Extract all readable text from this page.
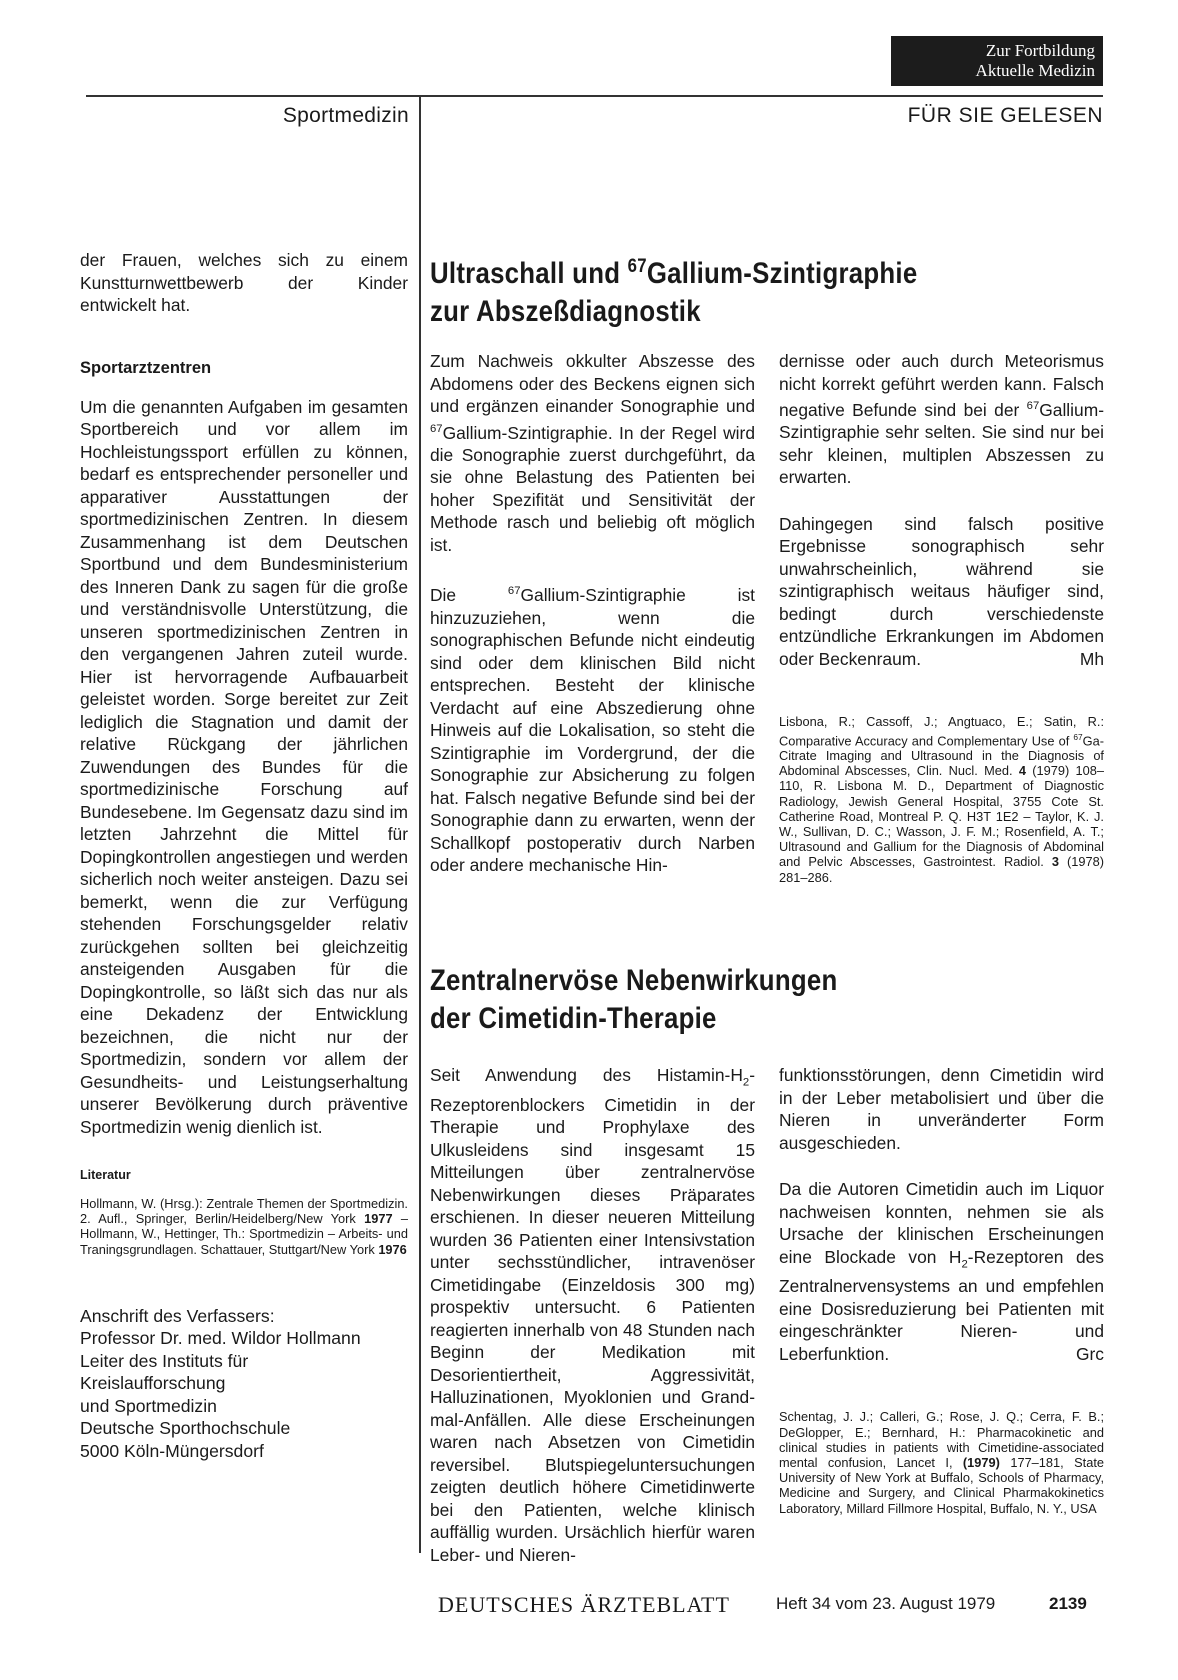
Zur Fortbildung
Aktuelle Medizin
Sportmedizin	FÜR SIE GELESEN

der Frauen, welches sich zu einem Kunstturnwettbewerb der Kinder entwickelt hat.

Sportarztzentren

Um die genannten Aufgaben im gesamten Sportbereich und vor allem im Hochleistungssport erfüllen zu können, bedarf es entsprechender personeller und apparativer Ausstattungen der sportmedizinischen Zentren. In diesem Zusammenhang ist dem Deutschen Sportbund und dem Bundesministerium des Inneren Dank zu sagen für die große und verständnisvolle Unterstützung, die unseren sportmedizinischen Zentren in den vergangenen Jahren zuteil wurde. Hier ist hervorragende Aufbauarbeit geleistet worden. Sorge bereitet zur Zeit lediglich die Stagnation und damit der relative Rückgang der jährlichen Zuwendungen des Bundes für die sportmedizinische Forschung auf Bundesebene. Im Gegensatz dazu sind im letzten Jahrzehnt die Mittel für Dopingkontrollen angestiegen und werden sicherlich noch weiter ansteigen. Dazu sei bemerkt, wenn die zur Verfügung stehenden Forschungsgelder relativ zurückgehen sollten bei gleichzeitig ansteigenden Ausgaben für die Dopingkontrolle, so läßt sich das nur als eine Dekadenz der Entwicklung bezeichnen, die nicht nur der Sportmedizin, sondern vor allem der Gesundheits- und Leistungserhaltung unserer Bevölkerung durch präventive Sportmedizin wenig dienlich ist.

Literatur

Hollmann, W. (Hrsg.): Zentrale Themen der Sportmedizin. 2. Aufl., Springer, Berlin/Heidelberg/New York 1977 – Hollmann, W., Hettinger, Th.: Sportmedizin – Arbeits- und Traningsgrundlagen. Schattauer, Stuttgart/New York 1976

Anschrift des Verfassers:
Professor Dr. med. Wildor Hollmann
Leiter des Instituts für
Kreislaufforschung
und Sportmedizin
Deutsche Sporthochschule
5000 Köln-Müngersdorf
Ultraschall und $^{67}$Gallium-Szintigraphie
zur Abszeßdiagnostik

Zum Nachweis okkulter Abszesse des Abdomens oder des Beckens eignen sich und ergänzen einander Sonographie und $^{67}$Gallium-Szintigraphie. In der Regel wird die Sonographie zuerst durchgeführt, da sie ohne Belastung des Patienten bei hoher Spezifität und Sensitivität der Methode rasch und beliebig oft möglich ist.

Die $^{67}$Gallium-Szintigraphie ist hinzuzuziehen, wenn die sonographischen Befunde nicht eindeutig sind oder dem klinischen Bild nicht entsprechen. Besteht der klinische Verdacht auf eine Abszedierung ohne Hinweis auf die Lokalisation, so steht die Szintigraphie im Vordergrund, der die Sonographie zur Absicherung zu folgen hat. Falsch negative Befunde sind bei der Sonographie dann zu erwarten, wenn der Schallkopf postoperativ durch Narben oder andere mechanische Hin-

dernisse oder auch durch Meteorismus nicht korrekt geführt werden kann. Falsch negative Befunde sind bei der $^{67}$Gallium-Szintigraphie sehr selten. Sie sind nur bei sehr kleinen, multiplen Abszessen zu erwarten.

Dahingegen sind falsch positive Ergebnisse sonographisch sehr unwahrscheinlich, während sie szintigraphisch weitaus häufiger sind, bedingt durch verschiedenste entzündliche Erkrankungen im Abdomen oder Beckenraum.	Mh

Lisbona, R.; Cassoff, J.; Angtuaco, E.; Satin, R.: Comparative Accuracy and Complementary Use of $^{67}$Ga-Citrate Imaging and Ultrasound in the Diagnosis of Abdominal Abscesses, Clin. Nucl. Med. 4 (1979) 108–110, R. Lisbona M. D., Department of Diagnostic Radiology, Jewish General Hospital, 3755 Cote St. Catherine Road, Montreal P. Q. H3T 1E2 – Taylor, K. J. W., Sullivan, D. C.; Wasson, J. F. M.; Rosenfield, A. T.; Ultrasound and Gallium for the Diagnosis of Abdominal and Pelvic Abscesses, Gastrointest. Radiol. 3 (1978) 281–286.

Zentralnervöse Nebenwirkungen
der Cimetidin-Therapie

Seit Anwendung des Histamin-$H_2$-Rezeptorenblockers Cimetidin in der Therapie und Prophylaxe des Ulkusleidens sind insgesamt 15 Mitteilungen über zentralnervöse Nebenwirkungen dieses Präparates erschienen. In dieser neueren Mitteilung wurden 36 Patienten einer Intensivstation unter sechsstündlicher, intravenöser Cimetidingabe (Einzeldosis 300 mg) prospektiv untersucht. 6 Patienten reagierten innerhalb von 48 Stunden nach Beginn der Medikation mit Desorientiertheit, Aggressivität, Halluzinationen, Myoklonien und Grand-mal-Anfällen. Alle diese Erscheinungen waren nach Absetzen von Cimetidin reversibel. Blutspiegeluntersuchungen zeigten deutlich höhere Cimetidinwerte bei den Patienten, welche klinisch auffällig wurden. Ursächlich hierfür waren Leber- und Nieren-

funktionsstörungen, denn Cimetidin wird in der Leber metabolisiert und über die Nieren in unveränderter Form ausgeschieden.

Da die Autoren Cimetidin auch im Liquor nachweisen konnten, nehmen sie als Ursache der klinischen Erscheinungen eine Blockade von $H_2$-Rezeptoren des Zentralnervensystems an und empfehlen eine Dosisreduzierung bei Patienten mit eingeschränkter Nieren- und Leberfunktion.	Grc

Schentag, J. J.; Calleri, G.; Rose, J. Q.; Cerra, F. B.; DeGlopper, E.; Bernhard, H.: Pharmacokinetic and clinical studies in patients with Cimetidine-associated mental confusion, Lancet I, (1979) 177–181, State University of New York at Buffalo, Schools of Pharmacy, Medicine and Surgery, and Clinical Pharmakokinetics Laboratory, Millard Fillmore Hospital, Buffalo, N. Y., USA

DEUTSCHES ÄRZTEBLATT	Heft 34 vom 23. August 1979	2139
